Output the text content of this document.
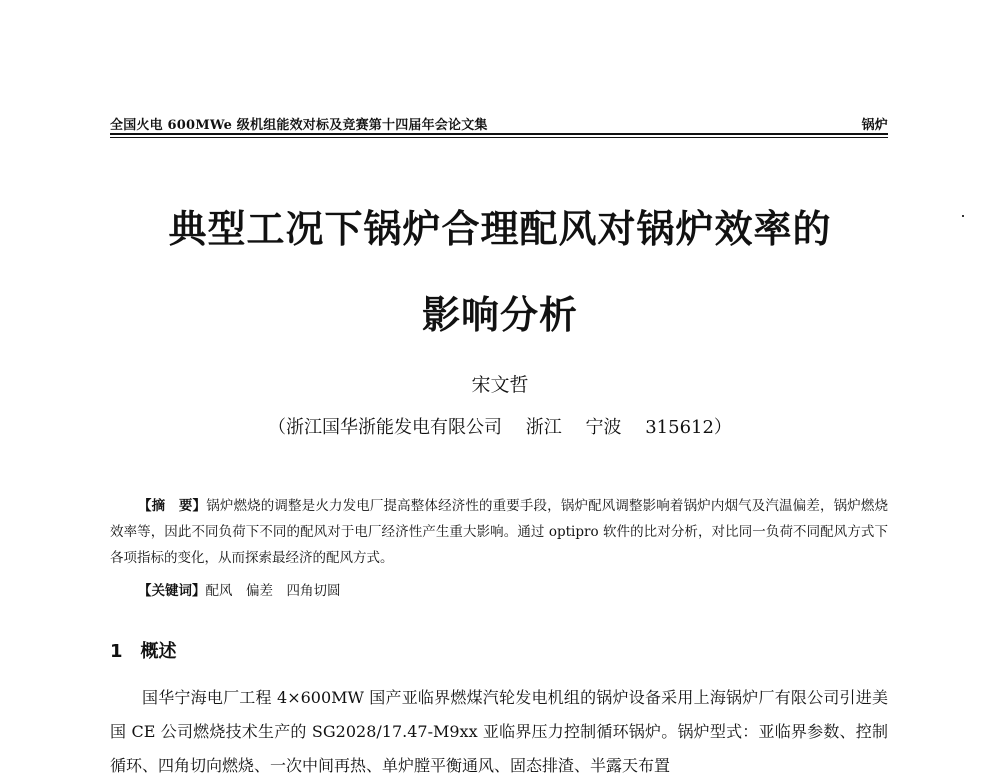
全国火电 600MWe 级机组能效对标及竞赛第十四届年会论文集	锅炉
典型工况下锅炉合理配风对锅炉效率的
影响分析
宋文哲
（浙江国华浙能发电有限公司　 浙江　 宁波　 315612）
【摘　要】锅炉燃烧的调整是火力发电厂提高整体经济性的重要手段，锅炉配风调整影响着锅炉内烟气及汽温偏差，锅炉燃烧效率等，因此不同负荷下不同的配风对于电厂经济性产生重大影响。通过 optipro 软件的比对分析，对比同一负荷不同配风方式下各项指标的变化，从而探索最经济的配风方式。
【关键词】配风　偏差　四角切圆
1　概述
国华宁海电厂工程 4×600MW 国产亚临界燃煤汽轮发电机组的锅炉设备采用上海锅炉厂有限公司引进美国 CE 公司燃烧技术生产的 SG2028/17.47-M9xx 亚临界压力控制循环锅炉。锅炉型式：亚临界参数、控制循环、四角切向燃烧、一次中间再热、单炉膛平衡通风、固态排渣、半露天布置
